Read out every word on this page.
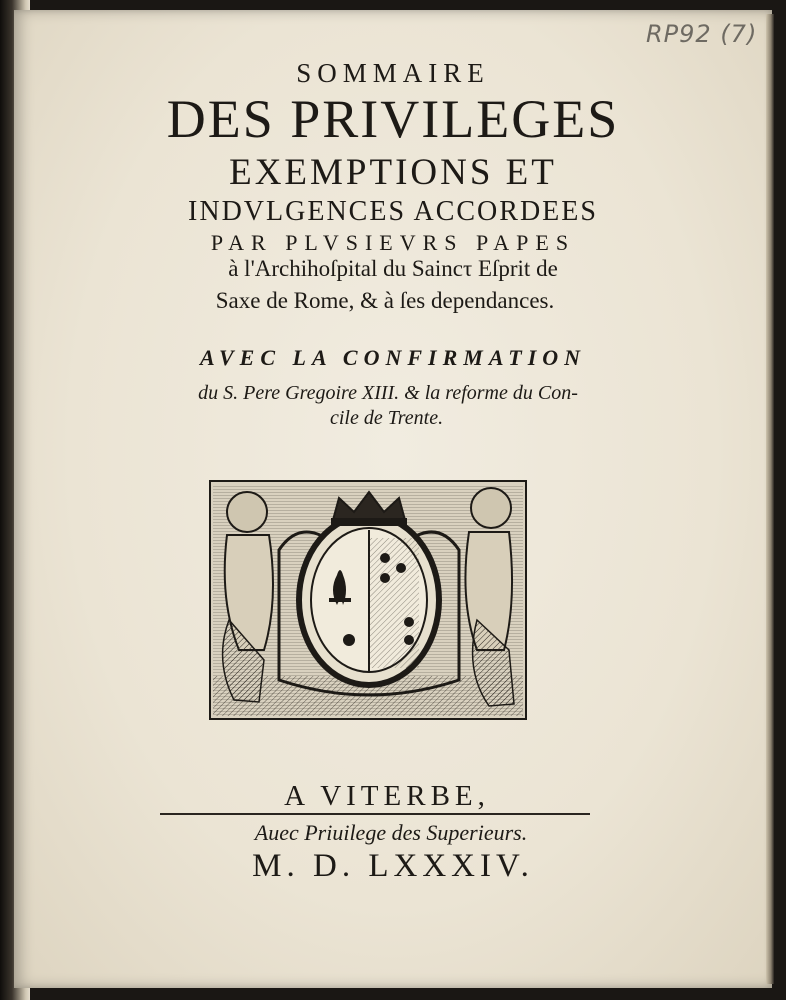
RP92 (7)
SOMMAIRE
DES PRIVILEGES
EXEMPTIONS ET
INDVLGENCES ACCORDEES
PAR PLVSIEVRS PAPES
à l'Archihoſpital du Saincτ Eſprit de
Saxe de Rome, & à ſes dependances.
AVEC LA CONFIRMATION
du S. Pere Gregoire XIII. & la reforme du Con-
cile de Trente.
A VITERBE,
Auec Priuilege des Superieurs.
M. D. LXXXIV.
